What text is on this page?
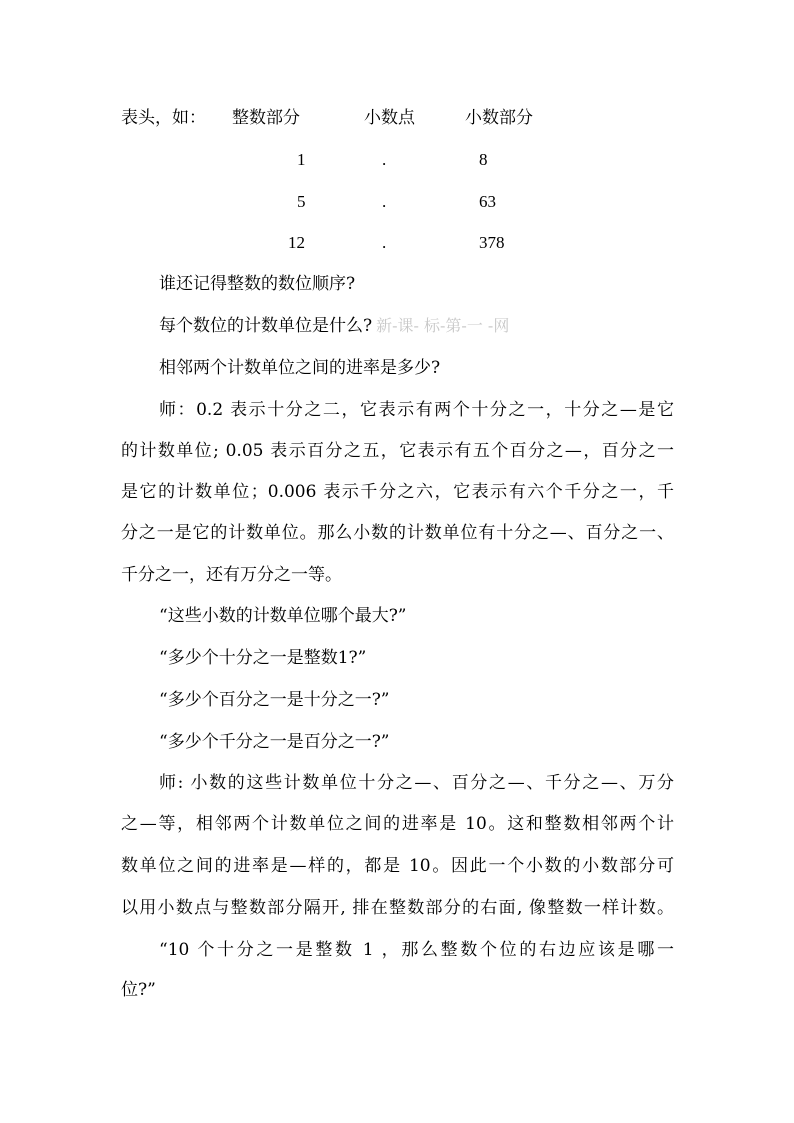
表头，如： 整数部分	小数点	小数部分
1	.	8
5	.	63
12	.	378
谁还记得整数的数位顺序?
每个数位的计数单位是什么? 新-课- 标-第-一 -网
相邻两个计数单位之间的进率是多少?
师：0.2 表示十分之二，它表示有两个十分之一，十分之—是它
的计数单位; 0.05 表示百分之五，它表示有五个百分之—，百分之一
是它的计数单位；0.006 表示千分之六，它表示有六个千分之一，千
分之一是它的计数单位。那么小数的计数单位有十分之—、百分之一、
千分之一，还有万分之一等。
“这些小数的计数单位哪个最大?”
“多少个十分之一是整数1?”
“多少个百分之一是十分之一?”
“多少个千分之一是百分之一?”
师: 小数的这些计数单位十分之—、百分之—、千分之—、万分
之—等，相邻两个计数单位之间的进率是 10。这和整数相邻两个计
数单位之间的进率是—样的，都是 10。因此一个小数的小数部分可
以用小数点与整数部分隔开, 排在整数部分的右面, 像整数一样计数。
“10 个十分之一是整数 1 ，那么整数个位的右边应该是哪一
位?”
